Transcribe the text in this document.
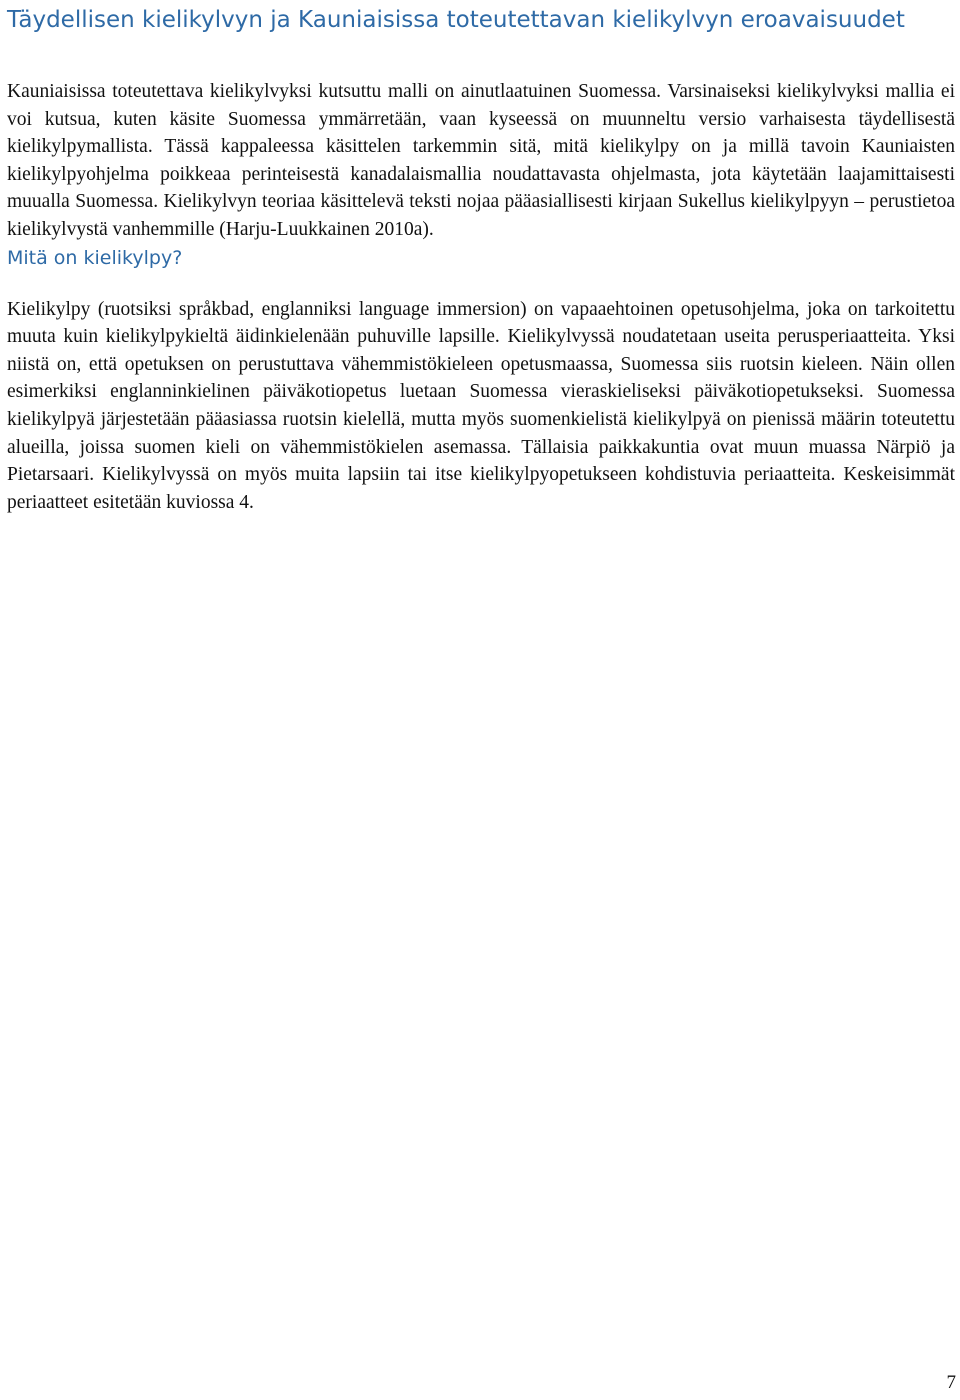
Täydellisen kielikylvyn ja Kauniaisissa toteutettavan kielikylvyn eroavaisuudet

Kauniaisissa toteutettava kielikylvyksi kutsuttu malli on ainutlaatuinen Suomessa. Varsinaiseksi kielikylvyksi mallia ei voi kutsua, kuten käsite Suomessa ymmärretään, vaan kyseessä on muunneltu versio varhaisesta täydellisestä kielikylpymallista. Tässä kappaleessa käsittelen tarkemmin sitä, mitä kielikylpy on ja millä tavoin Kauniaisten kielikylpyohjelma poikkeaa perinteisestä kanadalaismallia noudattavasta ohjelmasta, jota käytetään laajamittaisesti muualla Suomessa. Kielikylvyn teoriaa käsittelevä teksti nojaa pääasiallisesti kirjaan Sukellus kielikylpyyn – perustietoa kielikylvystä vanhemmille (Harju-Luukkainen 2010a).

Mitä on kielikylpy?

Kielikylpy (ruotsiksi språkbad, englanniksi language immersion) on vapaaehtoinen opetusohjelma, joka on tarkoitettu muuta kuin kielikylpykieltä äidinkielenään puhuville lapsille. Kielikylvyssä noudatetaan useita perusperiaatteita. Yksi niistä on, että opetuksen on perustuttava vähemmistökieleen opetusmaassa, Suomessa siis ruotsin kieleen. Näin ollen esimerkiksi englanninkielinen päiväkotiopetus luetaan Suomessa vieraskieliseksi päiväkotiopetukseksi. Suomessa kielikylpyä järjestetään pääasiassa ruotsin kielellä, mutta myös suomenkielistä kielikylpyä on pienissä määrin toteutettu alueilla, joissa suomen kieli on vähemmistökielen asemassa. Tällaisia paikkakuntia ovat muun muassa Närpiö ja Pietarsaari. Kielikylvyssä on myös muita lapsiin tai itse kielikylpyopetukseen kohdistuvia periaatteita. Keskeisimmät periaatteet esitetään kuviossa 4.

7
